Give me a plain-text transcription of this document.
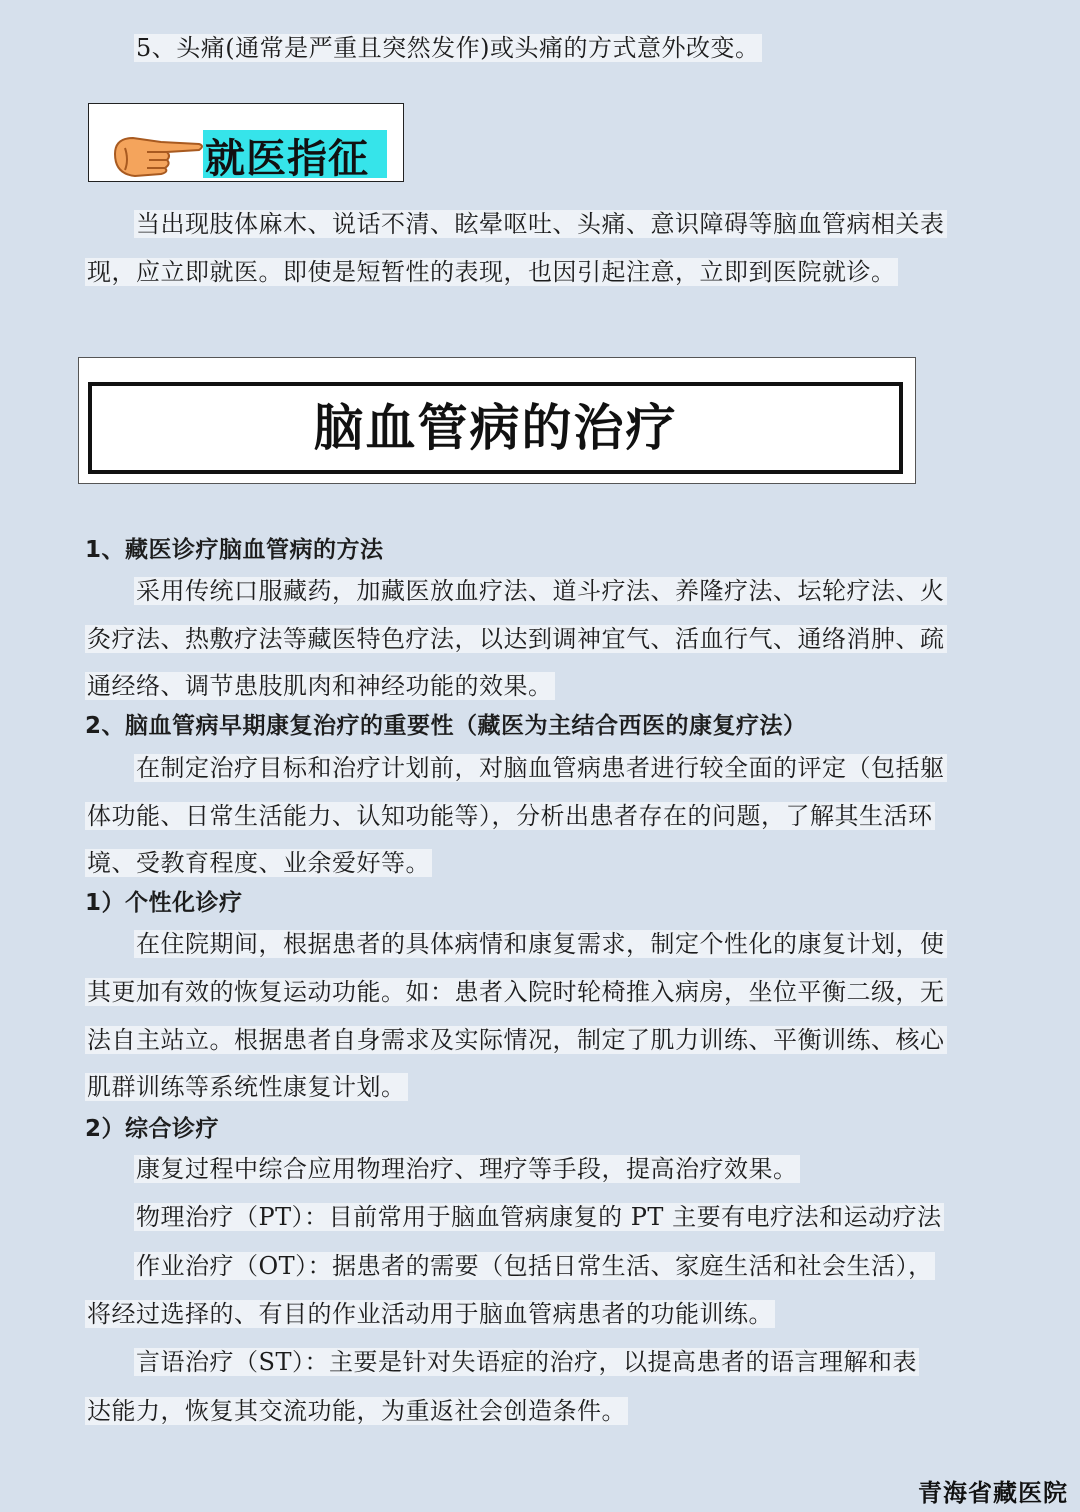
5、头痛(通常是严重且突然发作)或头痛的方式意外改变。
就医指征
当出现肢体麻木、说话不清、眩晕呕吐、头痛、意识障碍等脑血管病相关表
现，应立即就医。即使是短暂性的表现，也因引起注意，立即到医院就诊。
脑血管病的治疗
1、藏医诊疗脑血管病的方法
采用传统口服藏药，加藏医放血疗法、道斗疗法、养隆疗法、坛轮疗法、火
灸疗法、热敷疗法等藏医特色疗法，以达到调神宜气、活血行气、通络消肿、疏
通经络、调节患肢肌肉和神经功能的效果。
2、脑血管病早期康复治疗的重要性（藏医为主结合西医的康复疗法）
在制定治疗目标和治疗计划前，对脑血管病患者进行较全面的评定（包括躯
体功能、日常生活能力、认知功能等），分析出患者存在的问题，了解其生活环
境、受教育程度、业余爱好等。
1）个性化诊疗
在住院期间，根据患者的具体病情和康复需求，制定个性化的康复计划，使
其更加有效的恢复运动功能。如：患者入院时轮椅推入病房，坐位平衡二级，无
法自主站立。根据患者自身需求及实际情况，制定了肌力训练、平衡训练、核心
肌群训练等系统性康复计划。
2）综合诊疗
康复过程中综合应用物理治疗、理疗等手段，提高治疗效果。
物理治疗（PT）：目前常用于脑血管病康复的 PT 主要有电疗法和运动疗法
作业治疗（OT）：据患者的需要（包括日常生活、家庭生活和社会生活），
将经过选择的、有目的作业活动用于脑血管病患者的功能训练。
言语治疗（ST）：主要是针对失语症的治疗，以提高患者的语言理解和表
达能力，恢复其交流功能，为重返社会创造条件。
青海省藏医院
